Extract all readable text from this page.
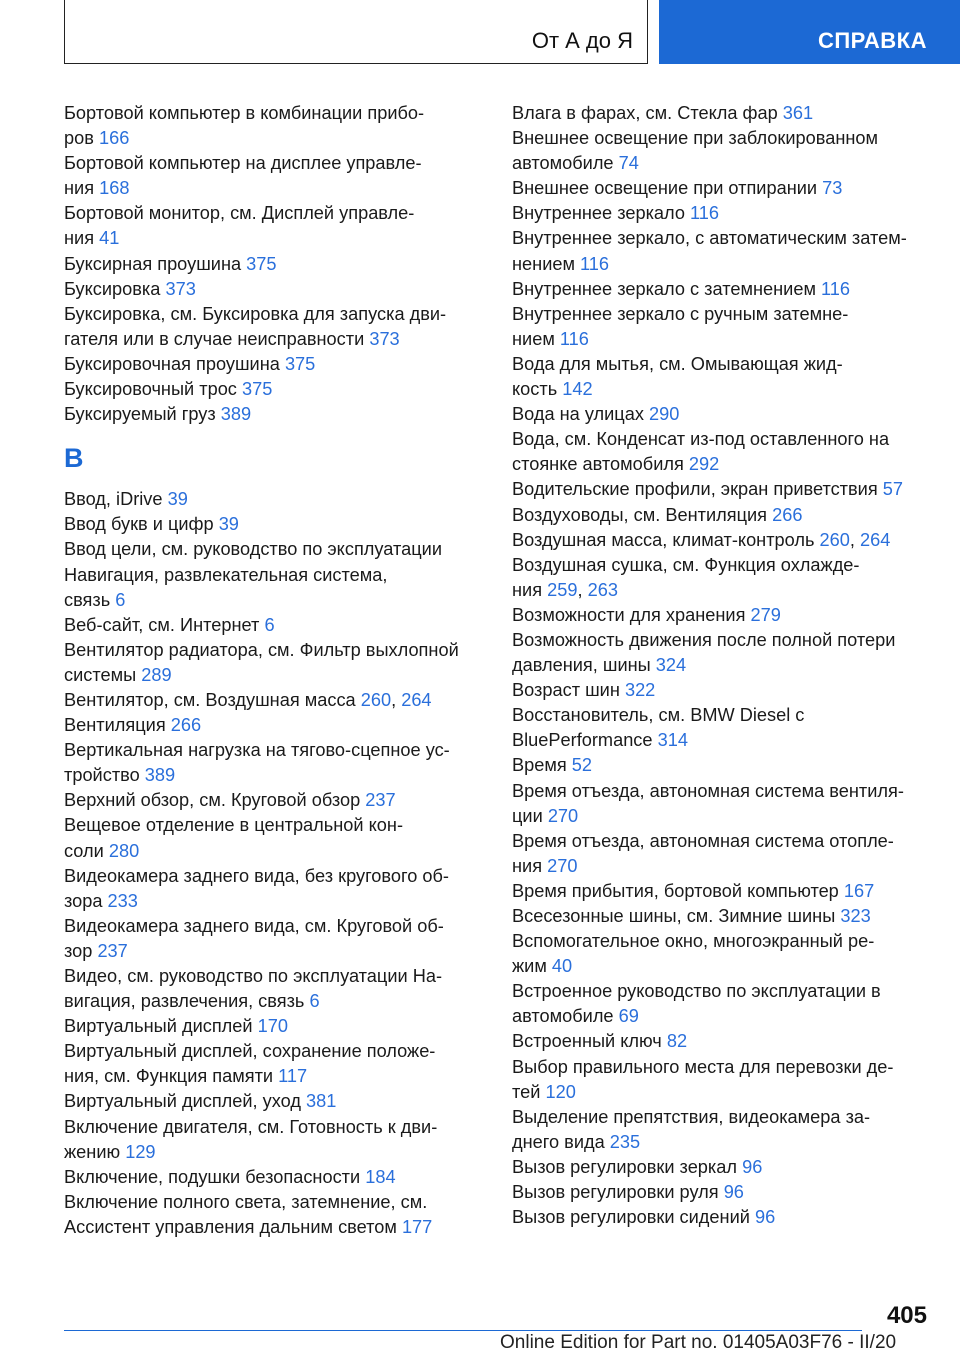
От А до Я	СПРАВКА
Бортовой компьютер в комбинации прибо-
ров 166
Бортовой компьютер на дисплее управле-
ния 168
Бортовой монитор, см. Дисплей управле-
ния 41
Буксирная проушина 375
Буксировка 373
Буксировка, см. Буксировка для запуска дви-
гателя или в случае неисправности 373
Буксировочная проушина 375
Буксировочный трос 375
Буксируемый груз 389
В
Ввод, iDrive 39
Ввод букв и цифр 39
Ввод цели, см. руководство по эксплуатации
Навигация, развлекательная система,
связь 6
Веб-сайт, см. Интернет 6
Вентилятор радиатора, см. Фильтр выхлопной
системы 289
Вентилятор, см. Воздушная масса 260, 264
Вентиляция 266
Вертикальная нагрузка на тягово-сцепное ус-
тройство 389
Верхний обзор, см. Круговой обзор 237
Вещевое отделение в центральной кон-
соли 280
Видеокамера заднего вида, без кругового об-
зора 233
Видеокамера заднего вида, см. Круговой об-
зор 237
Видео, см. руководство по эксплуатации На-
вигация, развлечения, связь 6
Виртуальный дисплей 170
Виртуальный дисплей, сохранение положе-
ния, см. Функция памяти 117
Виртуальный дисплей, уход 381
Включение двигателя, см. Готовность к дви-
жению 129
Включение, подушки безопасности 184
Включение полного света, затемнение, см.
Ассистент управления дальним светом 177
Влага в фарах, см. Стекла фар 361
Внешнее освещение при заблокированном
автомобиле 74
Внешнее освещение при отпирании 73
Внутреннее зеркало 116
Внутреннее зеркало, с автоматическим затем-
нением 116
Внутреннее зеркало с затемнением 116
Внутреннее зеркало с ручным затемне-
нием 116
Вода для мытья, см. Омывающая жид-
кость 142
Вода на улицах 290
Вода, см. Конденсат из-под оставленного на
стоянке автомобиля 292
Водительские профили, экран приветствия 57
Воздуховоды, см. Вентиляция 266
Воздушная масса, климат-контроль 260, 264
Воздушная сушка, см. Функция охлажде-
ния 259, 263
Возможности для хранения 279
Возможность движения после полной потери
давления, шины 324
Возраст шин 322
Восстановитель, см. BMW Diesel с
BluePerformance 314
Время 52
Время отъезда, автономная система вентиля-
ции 270
Время отъезда, автономная система отопле-
ния 270
Время прибытия, бортовой компьютер 167
Всесезонные шины, см. Зимние шины 323
Вспомогательное окно, многоэкранный ре-
жим 40
Встроенное руководство по эксплуатации в
автомобиле 69
Встроенный ключ 82
Выбор правильного места для перевозки де-
тей 120
Выделение препятствия, видеокамера за-
днего вида 235
Вызов регулировки зеркал 96
Вызов регулировки руля 96
Вызов регулировки сидений 96
405
Online Edition for Part no. 01405A03F76 - II/20
